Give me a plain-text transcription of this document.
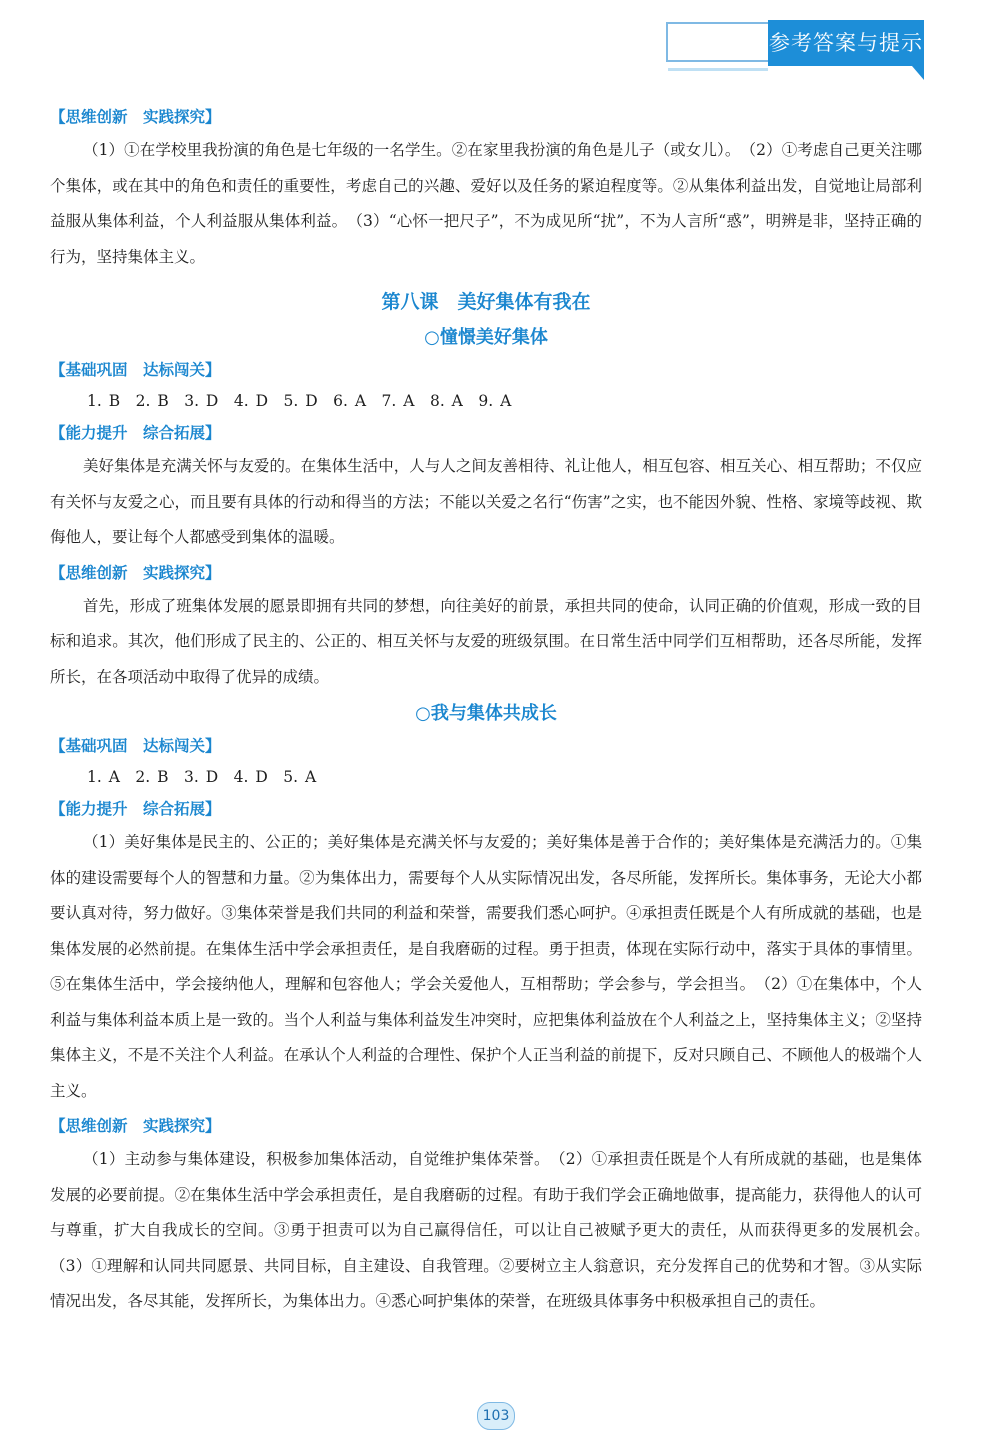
参考答案与提示
【思维创新　实践探究】
（1）①在学校里我扮演的角色是七年级的一名学生。②在家里我扮演的角色是儿子（或女儿）。　（2）①考虑自己更关注哪个集体，或在其中的角色和责任的重要性，考虑自己的兴趣、爱好以及任务的紧迫程度等。②从集体利益出发，自觉地让局部利益服从集体利益，个人利益服从集体利益。　（3）“心怀一把尺子”，不为成见所“扰”，不为人言所“惑”，明辨是非，坚持正确的行为，坚持集体主义。
第八课　美好集体有我在
○憧憬美好集体
【基础巩固　达标闯关】
1. B　2. B　3. D　4. D　5. D　6. A　7. A　8. A　9. A
【能力提升　综合拓展】
美好集体是充满关怀与友爱的。在集体生活中，人与人之间友善相待、礼让他人，相互包容、相互关心、相互帮助；不仅应有关怀与友爱之心，而且要有具体的行动和得当的方法；不能以关爱之名行“伤害”之实，也不能因外貌、性格、家境等歧视、欺侮他人，要让每个人都感受到集体的温暖。
【思维创新　实践探究】
首先，形成了班集体发展的愿景即拥有共同的梦想，向往美好的前景，承担共同的使命，认同正确的价值观，形成一致的目标和追求。其次，他们形成了民主的、公正的、相互关怀与友爱的班级氛围。在日常生活中同学们互相帮助，还各尽所能，发挥所长，在各项活动中取得了优异的成绩。
○我与集体共成长
【基础巩固　达标闯关】
1. A　2. B　3. D　4. D　5. A
【能力提升　综合拓展】
（1）美好集体是民主的、公正的；美好集体是充满关怀与友爱的；美好集体是善于合作的；美好集体是充满活力的。①集体的建设需要每个人的智慧和力量。②为集体出力，需要每个人从实际情况出发，各尽所能，发挥所长。集体事务，无论大小都要认真对待，努力做好。③集体荣誉是我们共同的利益和荣誉，需要我们悉心呵护。④承担责任既是个人有所成就的基础，也是集体发展的必然前提。在集体生活中学会承担责任，是自我磨砺的过程。勇于担责，体现在实际行动中，落实于具体的事情里。⑤在集体生活中，学会接纳他人，理解和包容他人；学会关爱他人，互相帮助；学会参与，学会担当。　（2）①在集体中，个人利益与集体利益本质上是一致的。当个人利益与集体利益发生冲突时，应把集体利益放在个人利益之上，坚持集体主义；②坚持集体主义，不是不关注个人利益。在承认个人利益的合理性、保护个人正当利益的前提下，反对只顾自己、不顾他人的极端个人主义。
【思维创新　实践探究】
（1）主动参与集体建设，积极参加集体活动，自觉维护集体荣誉。　（2）①承担责任既是个人有所成就的基础，也是集体发展的必要前提。②在集体生活中学会承担责任，是自我磨砺的过程。有助于我们学会正确地做事，提高能力，获得他人的认可与尊重，扩大自我成长的空间。③勇于担责可以为自己赢得信任，可以让自己被赋予更大的责任，从而获得更多的发展机会。　（3）①理解和认同共同愿景、共同目标，自主建设、自我管理。②要树立主人翁意识，充分发挥自己的优势和才智。③从实际情况出发，各尽其能，发挥所长，为集体出力。④悉心呵护集体的荣誉，在班级具体事务中积极承担自己的责任。
103
